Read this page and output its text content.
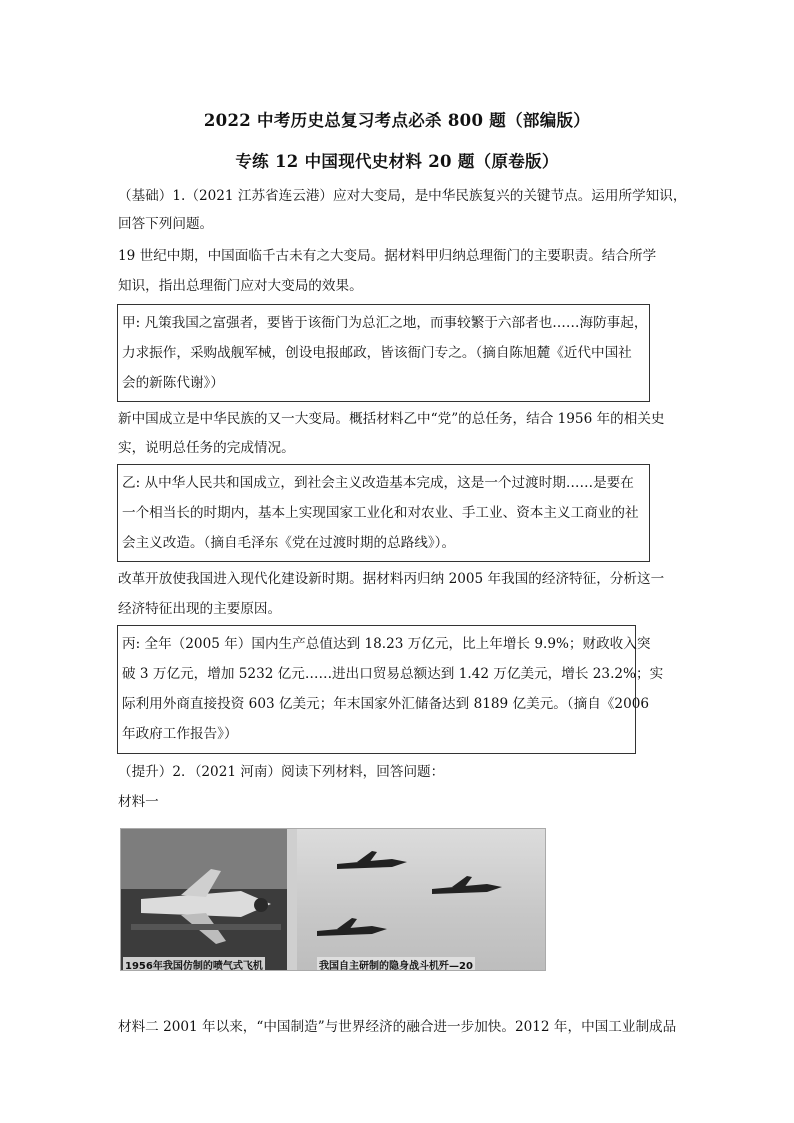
2022 中考历史总复习考点必杀 800 题（部编版）
专练 12 中国现代史材料 20 题（原卷版）
（基础）1.（2021 江苏省连云港）应对大变局，是中华民族复兴的关键节点。运用所学知识，
回答下列问题。
19 世纪中期，中国面临千古未有之大变局。据材料甲归纳总理衙门的主要职责。结合所学
知识，指出总理衙门应对大变局的效果。
甲: 凡策我国之富强者，要皆于该衙门为总汇之地，而事较繁于六部者也……海防事起，
力求振作，采购战舰军械，创设电报邮政，皆该衙门专之。（摘自陈旭麓《近代中国社
会的新陈代谢》）
新中国成立是中华民族的又一大变局。概括材料乙中“党”的总任务，结合 1956 年的相关史
实，说明总任务的完成情况。
乙: 从中华人民共和国成立，到社会主义改造基本完成，这是一个过渡时期……是要在
一个相当长的时期内，基本上实现国家工业化和对农业、手工业、资本主义工商业的社
会主义改造。（摘自毛泽东《党在过渡时期的总路线》）。
改革开放使我国进入现代化建设新时期。据材料丙归纳 2005 年我国的经济特征，分析这一
经济特征出现的主要原因。
丙: 全年（2005 年）国内生产总值达到 18.23 万亿元，比上年增长 9.9%；财政收入突
破 3 万亿元，增加 5232 亿元……进出口贸易总额达到 1.42 万亿美元，增长 23.2%；实
际利用外商直接投资 603 亿美元；年末国家外汇储备达到 8189 亿美元。（摘自《2006
年政府工作报告》）
（提升）2．（2021 河南）阅读下列材料，回答问题：
材料一
1956年我国仿制的喷气式飞机	我国自主研制的隐身战斗机歼—20
材料二 2001 年以来，“中国制造”与世界经济的融合进一步加快。2012 年，中国工业制成品
